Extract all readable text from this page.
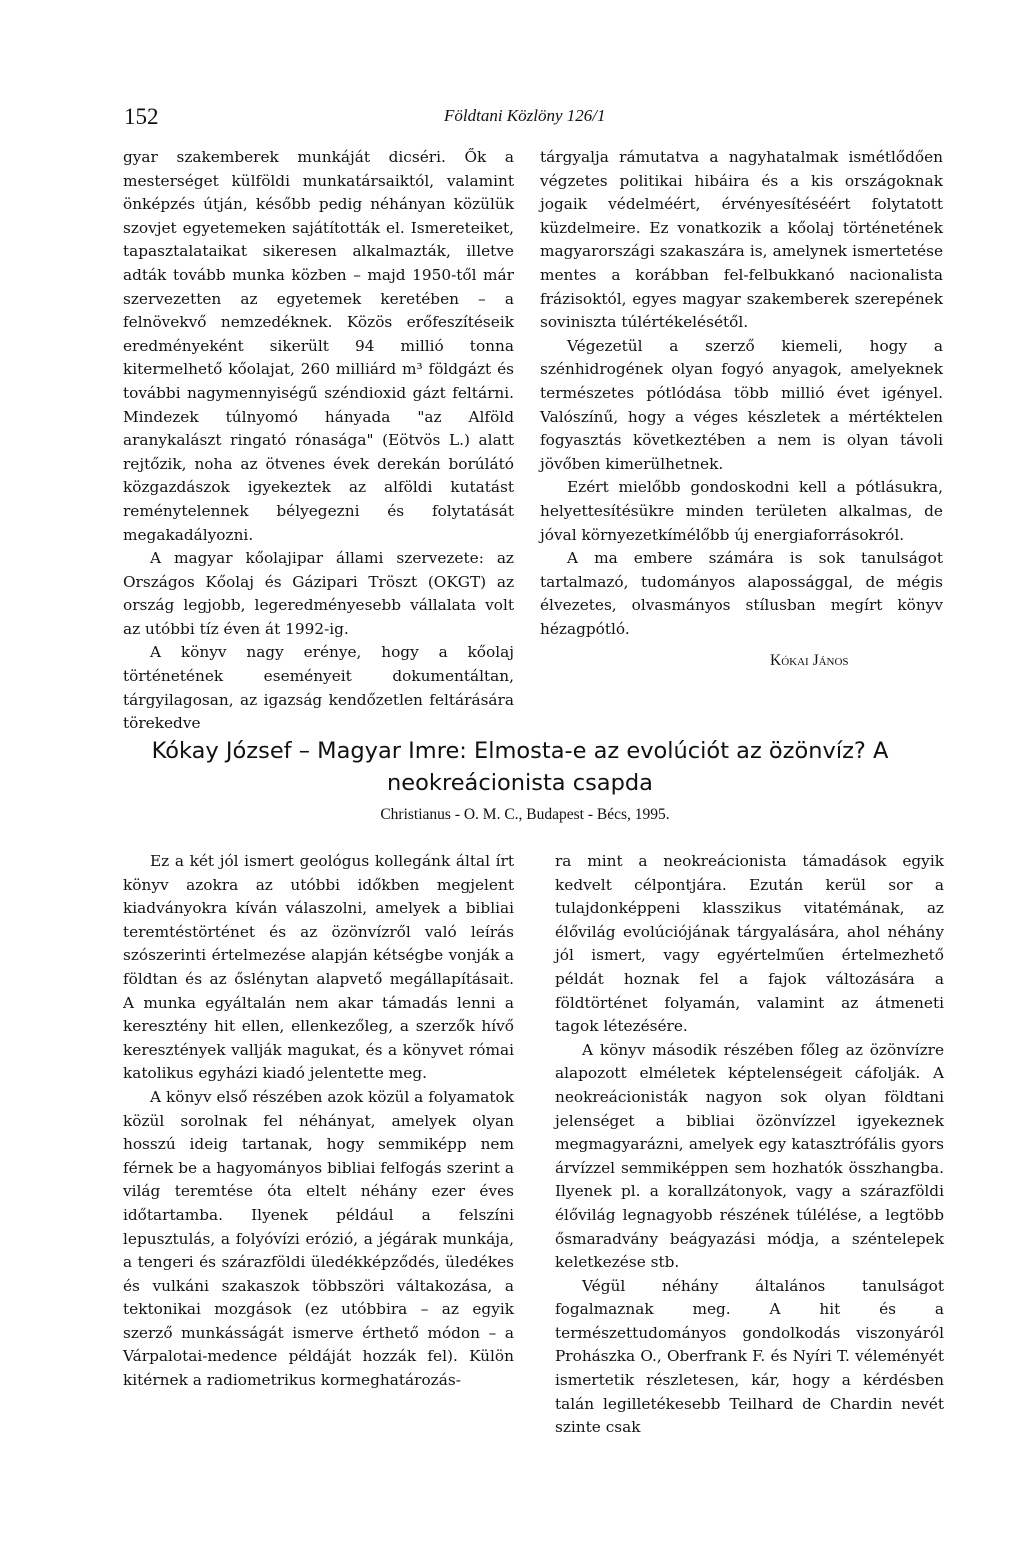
152	Földtani Közlöny 126/1

gyar szakemberek munkáját dicséri. Ők a mesterséget külföldi munkatársaiktól, valamint önképzés útján, később pedig néhányan közülük szovjet egyetemeken sajátították el. Ismereteiket, tapasztalataikat sikeresen alkalmazták, illetve adták tovább munka közben – majd 1950-től már szervezetten az egyetemek keretében – a felnövekvő nemzedéknek. Közös erőfeszítéseik eredményeként sikerült 94 millió tonna kitermelhető kőolajat, 260 milliárd m³ földgázt és további nagymennyiségű széndioxid gázt feltárni. Mindezek túlnyomó hányada "az Alföld aranykalászt ringató rónasága" (Eötvös L.) alatt rejtőzik, noha az ötvenes évek derekán borúlátó közgazdászok igyekeztek az alföldi kutatást reménytelennek bélyegezni és folytatását megakadályozni.

A magyar kőolajipar állami szervezete: az Országos Kőolaj és Gázipari Tröszt (OKGT) az ország legjobb, legeredményesebb vállalata volt az utóbbi tíz éven át 1992-ig.

A könyv nagy erénye, hogy a kőolaj történetének eseményeit dokumentáltan, tárgyilagosan, az igazság kendőzetlen feltárására törekedve

tárgyalja rámutatva a nagyhatalmak ismétlődően végzetes politikai hibáira és a kis országoknak jogaik védelméért, érvényesítéséért folytatott küzdelmeire. Ez vonatkozik a kőolaj történetének magyarországi szakaszára is, amelynek ismertetése mentes a korábban fel-felbukkanó nacionalista frázisoktól, egyes magyar szakemberek szerepének sovinisztа túlértékelésétől.

Végezetül a szerző kiemeli, hogy a szénhidrogének olyan fogyó anyagok, amelyeknek természetes pótlódása több millió évet igényel. Valószínű, hogy a véges készletek a mértéktelen fogyasztás következtében a nem is olyan távoli jövőben kimerülhetnek.

Ezért mielőbb gondoskodni kell a pótlásukra, helyettesítésükre minden területen alkalmas, de jóval környezetkímélőbb új energiaforrásokról.

A ma embere számára is sok tanulságot tartalmazó, tudományos alapossággal, de mégis élvezetes, olvasmányos stílusban megírt könyv hézagpótló.

Kókai János
Kókay József – Magyar Imre: Elmosta-e az evolúciót az özönvíz? A
neokreácionista csapda
Christianus - O. M. C., Budapest - Bécs, 1995.

Ez a két jól ismert geológus kollegánk által írt könyv azokra az utóbbi időkben megjelent kiadványokra kíván válaszolni, amelyek a bibliai teremtéstörténet és az özönvízről való leírás szószerinti értelmezése alapján kétségbe vonják a földtan és az őslénytan alapvető megállapításait. A munka egyáltalán nem akar támadás lenni a keresztény hit ellen, ellenkezőleg, a szerzők hívő keresztények vallják magukat, és a könyvet római katolikus egyházi kiadó jelentette meg.

A könyv első részében azok közül a folyamatok közül sorolnak fel néhányat, amelyek olyan hosszú ideig tartanak, hogy semmiképp nem férnek be a hagyományos bibliai felfogás szerint a világ teremtése óta eltelt néhány ezer éves időtartamba. Ilyenek például a felszíni lepusztulás, a folyóvízi erózió, a jégárak munkája, a tengeri és szárazföldi üledékképződés, üledékes és vulkáni szakaszok többszöri váltakozása, a tektonikai mozgások (ez utóbbira – az egyik szerző munkásságát ismerve érthető módon – a Várpalotai-medence példáját hozzák fel). Külön kitérnek a radiometrikus kormeghatározás-

ra mint a neokreácionista támadások egyik kedvelt célpontjára. Ezután kerül sor a tulajdonképpeni klasszikus vitatémának, az élővilág evolúciójának tárgyalására, ahol néhány jól ismert, vagy egyértelműen értelmezhető példát hoznak fel a fajok változására a földtörténet folyamán, valamint az átmeneti tagok létezésére.

A könyv második részében főleg az özönvízre alapozott elméletek képtelenségeit cáfolják. A neokreácionisták nagyon sok olyan földtani jelenséget a bibliai özönvízzel igyekeznek megmagyarázni, amelyek egy katasztrófális gyors árvízzel semmiképpen sem hozhatók összhangba. Ilyenek pl. a korallzátonyok, vagy a szárazföldi élővilág legnagyobb részének túlélése, a legtöbb ősmaradvány beágyazási módja, a széntelepek keletkezése stb.

Végül néhány általános tanulságot fogalmaznak meg. A hit és a természettudományos gondolkodás viszonyáról Prohászka O., Oberfrank F. és Nyíri T. véleményét ismertetik részletesen, kár, hogy a kérdésben talán legilletékesebb Teilhard de Chardin nevét szinte csak
